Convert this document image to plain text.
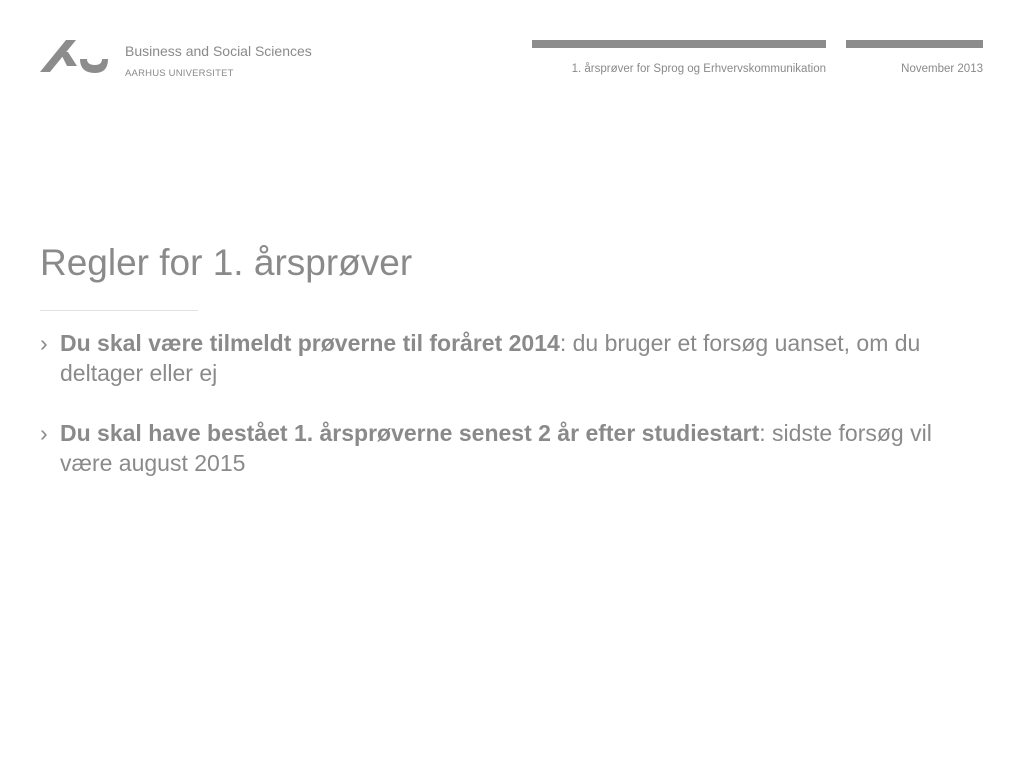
Business and Social Sciences
AARHUS UNIVERSITET	1. årsprøver for Sprog og Erhvervskommunikation	November 2013
Regler for 1. årsprøver
› Du skal være tilmeldt prøverne til foråret 2014: du bruger et forsøg uanset, om du deltager eller ej
› Du skal have bestået 1. årsprøverne senest 2 år efter studiestart: sidste forsøg vil være august 2015
